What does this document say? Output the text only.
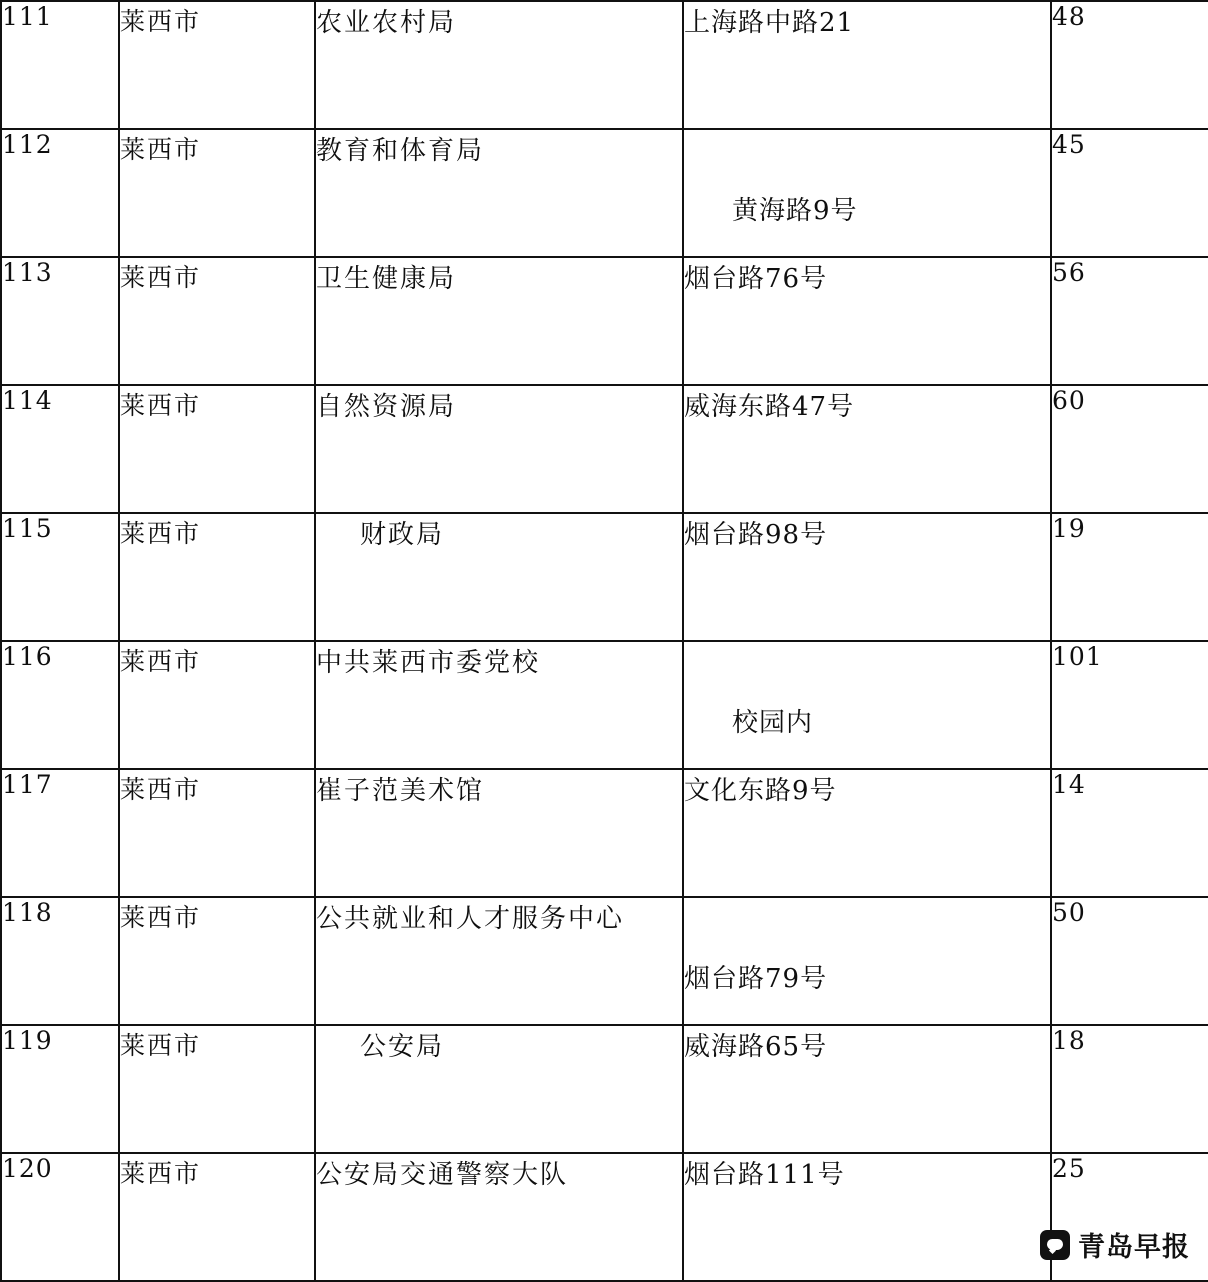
111	莱西市	农业农村局	上海路中路21	48
112	莱西市	教育和体育局	黄海路9号	45
113	莱西市	卫生健康局	烟台路76号	56
114	莱西市	自然资源局	威海东路47号	60
115	莱西市	财政局	烟台路98号	19
116	莱西市	中共莱西市委党校	校园内	101
117	莱西市	崔子范美术馆	文化东路9号	14
118	莱西市	公共就业和人才服务中心	烟台路79号	50
119	莱西市	公安局	威海路65号	18
120	莱西市	公安局交通警察大队	烟台路111号	25
青岛早报
